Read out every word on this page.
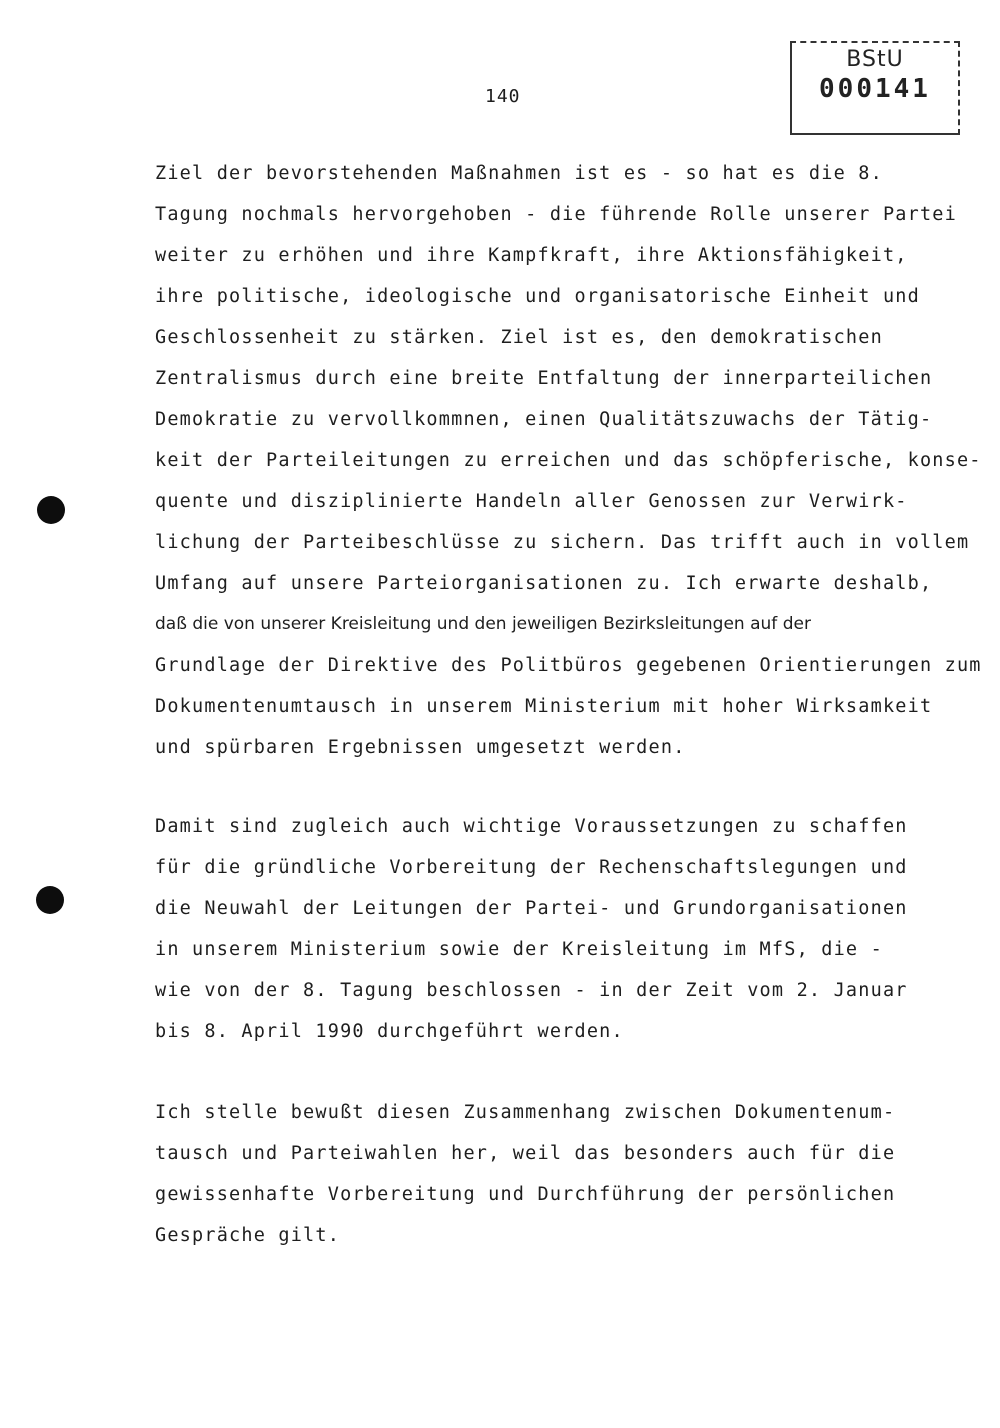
140
BStU
000141
Ziel der bevorstehenden Maßnahmen ist es - so hat es die 8.
Tagung nochmals hervorgehoben - die führende Rolle unserer Partei
weiter zu erhöhen und ihre Kampfkraft, ihre Aktionsfähigkeit,
ihre politische, ideologische und organisatorische Einheit und
Geschlossenheit zu stärken. Ziel ist es, den demokratischen
Zentralismus durch eine breite Entfaltung der innerparteilichen
Demokratie zu vervollkommnen, einen Qualitätszuwachs der Tätig-
keit der Parteileitungen zu erreichen und das schöpferische, konse-
quente und disziplinierte Handeln aller Genossen zur Verwirk-
lichung der Parteibeschlüsse zu sichern. Das trifft auch in vollem
Umfang auf unsere Parteiorganisationen zu. Ich erwarte deshalb,
daß die von unserer Kreisleitung und den jeweiligen Bezirksleitungen auf der
Grundlage der Direktive des Politbüros gegebenen Orientierungen zum
Dokumentenumtausch in unserem Ministerium mit hoher Wirksamkeit
und spürbaren Ergebnissen umgesetzt werden.
Damit sind zugleich auch wichtige Voraussetzungen zu schaffen
für die gründliche Vorbereitung der Rechenschaftslegungen und
die Neuwahl der Leitungen der Partei- und Grundorganisationen
in unserem Ministerium sowie der Kreisleitung im MfS, die -
wie von der 8. Tagung beschlossen - in der Zeit vom 2. Januar
bis 8. April 1990 durchgeführt werden.
Ich stelle bewußt diesen Zusammenhang zwischen Dokumentenum-
tausch und Parteiwahlen her, weil das besonders auch für die
gewissenhafte Vorbereitung und Durchführung der persönlichen
Gespräche gilt.
